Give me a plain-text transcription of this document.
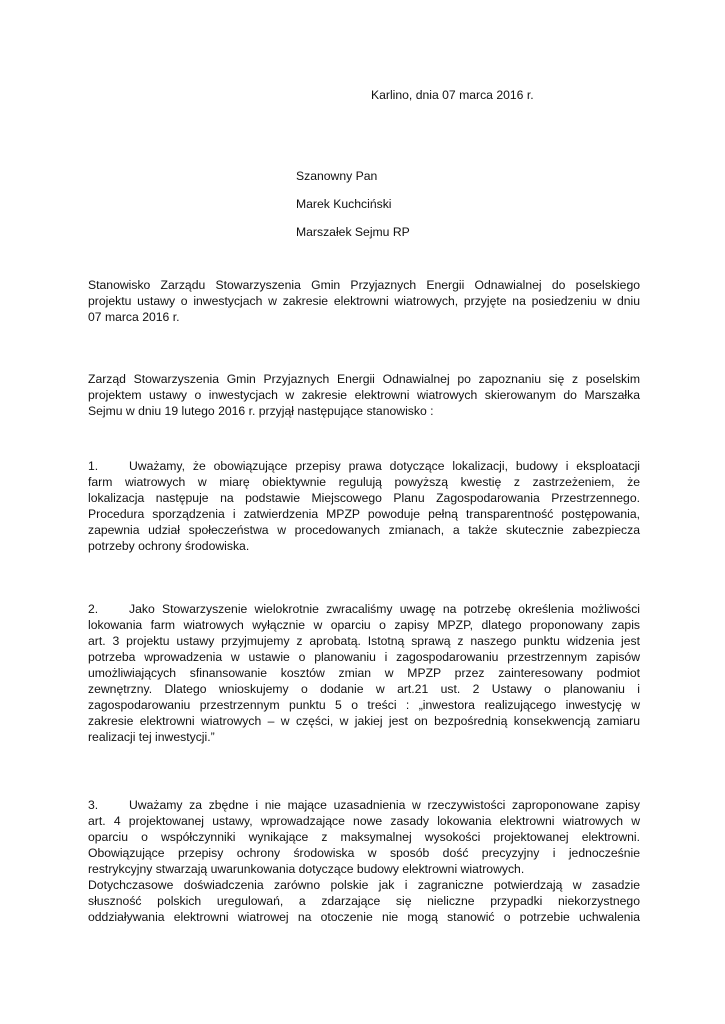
Karlino, dnia 07 marca 2016 r.

Szanowny Pan

Marek Kuchciński

Marszałek Sejmu RP

Stanowisko Zarządu Stowarzyszenia Gmin Przyjaznych Energii Odnawialnej do poselskiego
projektu ustawy o inwestycjach w zakresie elektrowni wiatrowych, przyjęte na posiedzeniu w dniu
07 marca 2016 r.
Zarząd Stowarzyszenia Gmin Przyjaznych Energii Odnawialnej po zapoznaniu się z poselskim
projektem ustawy o inwestycjach w zakresie elektrowni wiatrowych skierowanym do Marszałka
Sejmu w dniu 19 lutego 2016 r. przyjął następujące stanowisko :
1.	Uważamy, że obowiązujące przepisy prawa dotyczące lokalizacji, budowy i eksploatacji
farm wiatrowych w miarę obiektywnie regulują powyższą kwestię z zastrzeżeniem, że
lokalizacja następuje na podstawie Miejscowego Planu Zagospodarowania Przestrzennego.
Procedura sporządzenia i zatwierdzenia MPZP powoduje pełną transparentność postępowania,
zapewnia udział społeczeństwa w procedowanych zmianach, a także skutecznie zabezpiecza
potrzeby ochrony środowiska.
2.	Jako Stowarzyszenie wielokrotnie zwracaliśmy uwagę na potrzebę określenia możliwości
lokowania farm wiatrowych wyłącznie w oparciu o zapisy MPZP, dlatego proponowany zapis
art. 3 projektu ustawy przyjmujemy z aprobatą. Istotną sprawą z naszego punktu widzenia jest
potrzeba wprowadzenia w ustawie o planowaniu i zagospodarowaniu przestrzennym zapisów
umożliwiających sfinansowanie kosztów zmian w MPZP przez zainteresowany podmiot
zewnętrzny. Dlatego wnioskujemy o dodanie w art.21 ust. 2 Ustawy o planowaniu i
zagospodarowaniu przestrzennym punktu 5 o treści : „inwestora realizującego inwestycję w
zakresie elektrowni wiatrowych – w części, w jakiej jest on bezpośrednią konsekwencją zamiaru
realizacji tej inwestycji.”
3.	Uważamy za zbędne i nie mające uzasadnienia w rzeczywistości zaproponowane zapisy
art. 4 projektowanej ustawy, wprowadzające nowe zasady lokowania elektrowni wiatrowych w
oparciu o współczynniki wynikające z maksymalnej wysokości projektowanej elektrowni.
Obowiązujące przepisy ochrony środowiska w sposób dość precyzyjny i jednocześnie
restrykcyjny stwarzają uwarunkowania dotyczące budowy elektrowni wiatrowych.
Dotychczasowe doświadczenia zarówno polskie jak i zagraniczne potwierdzają w zasadzie
słuszność polskich uregulowań, a zdarzające się nieliczne przypadki niekorzystnego
oddziaływania elektrowni wiatrowej na otoczenie nie mogą stanowić o potrzebie uchwalenia
